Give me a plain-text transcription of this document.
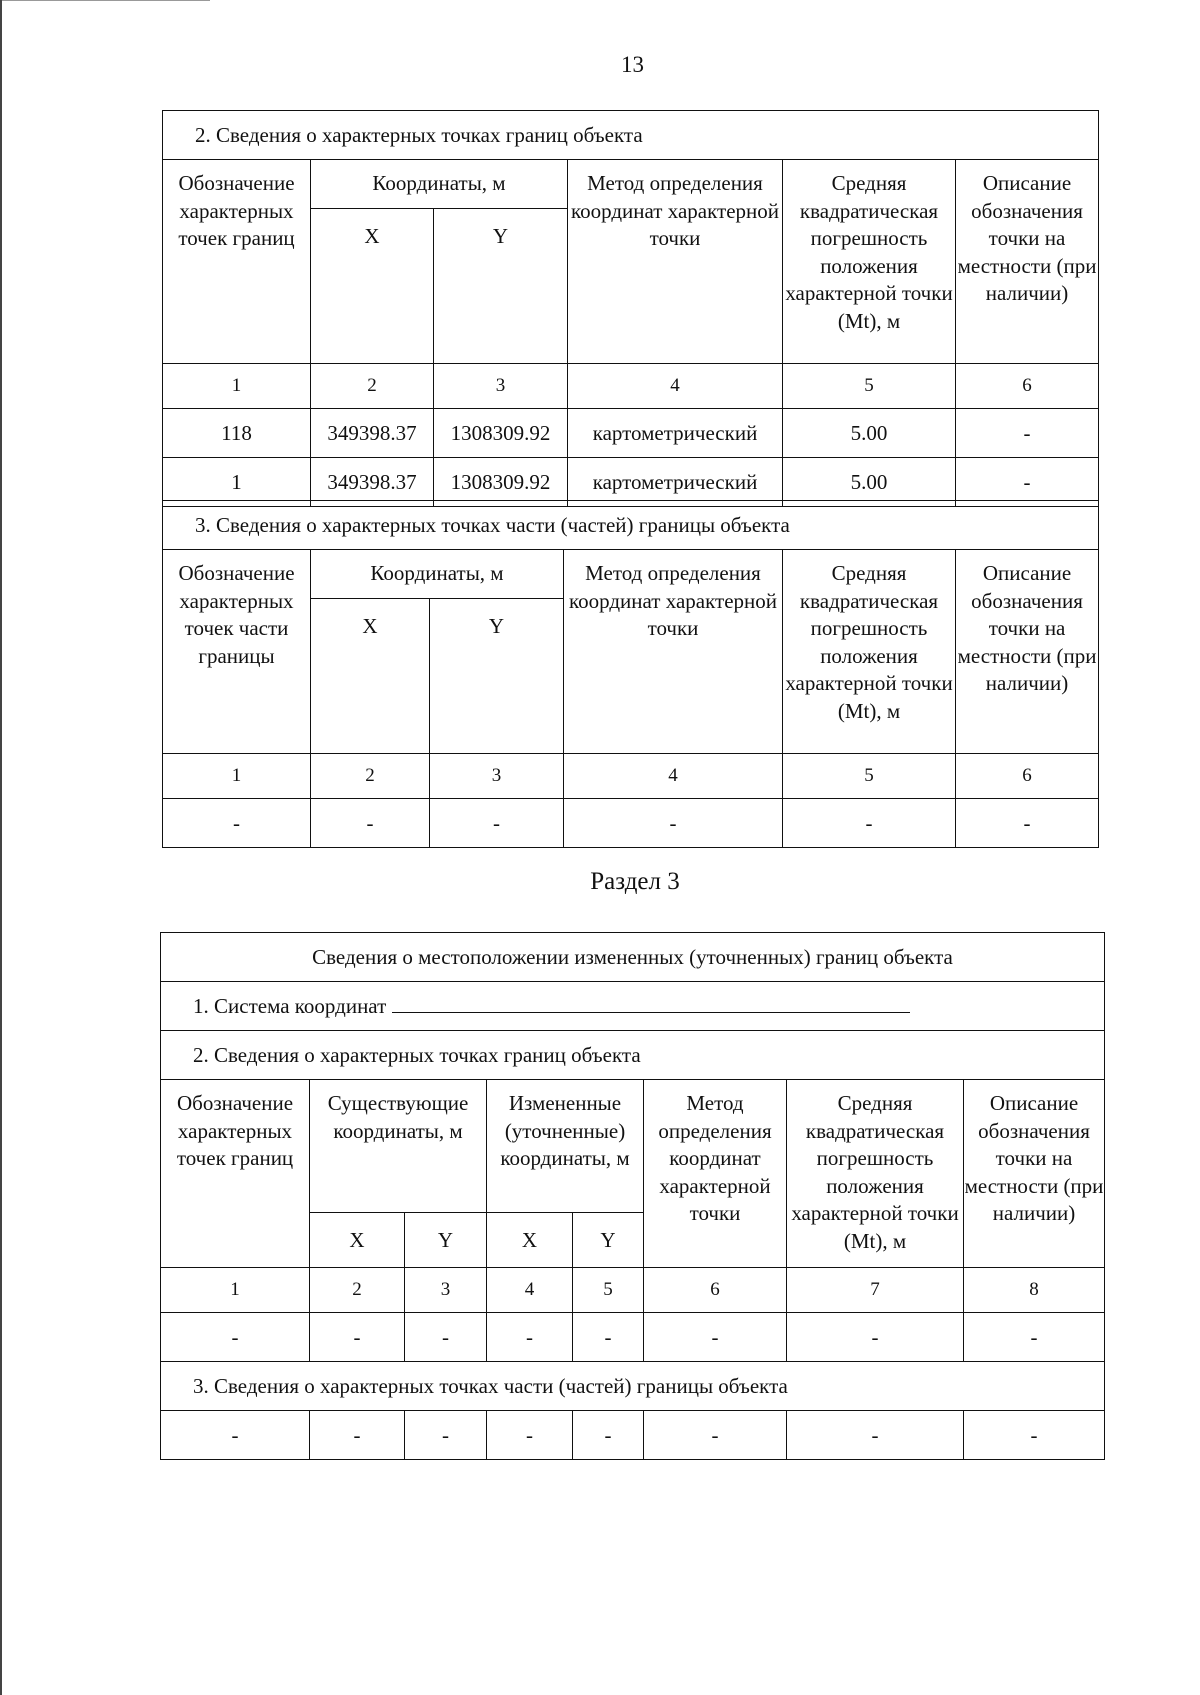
13
2. Сведения о характерных точках границ объекта					
Обозначение характерных точек границ	Координаты, м		Метод определения координат характерной точки	Средняя квадратическая погрешность положения характерной точки (Mt), м	Описание обозначения точки на местности (при наличии)
	X	Y			
1	2	3	4	5	6
118	349398.37	1308309.92	картометрический	5.00	-
1	349398.37	1308309.92	картометрический	5.00	-
3. Сведения о характерных точках части (частей) границы объекта					
Обозначение характерных точек части границы	Координаты, м		Метод определения координат характерной точки	Средняя квадратическая погрешность положения характерной точки (Mt), м	Описание обозначения точки на местности (при наличии)
	X	Y			
1	2	3	4	5	6
-	-	-	-	-	-
Раздел 3
Сведения о местоположении измененных (уточненных) границ объекта							
1. Система координат							
2. Сведения о характерных точках границ объекта							
Обозначение характерных точек границ	Существующие координаты, м		Измененные (уточненные) координаты, м		Метод определения координат характерной точки	Средняя квадратическая погрешность положения характерной точки (Mt), м	Описание обозначения точки на местности (при наличии)
	X	Y	X	Y			
1	2	3	4	5	6	7	8
-	-	-	-	-	-	-	-
3. Сведения о характерных точках части (частей) границы объекта							
-	-	-	-	-	-	-	-
